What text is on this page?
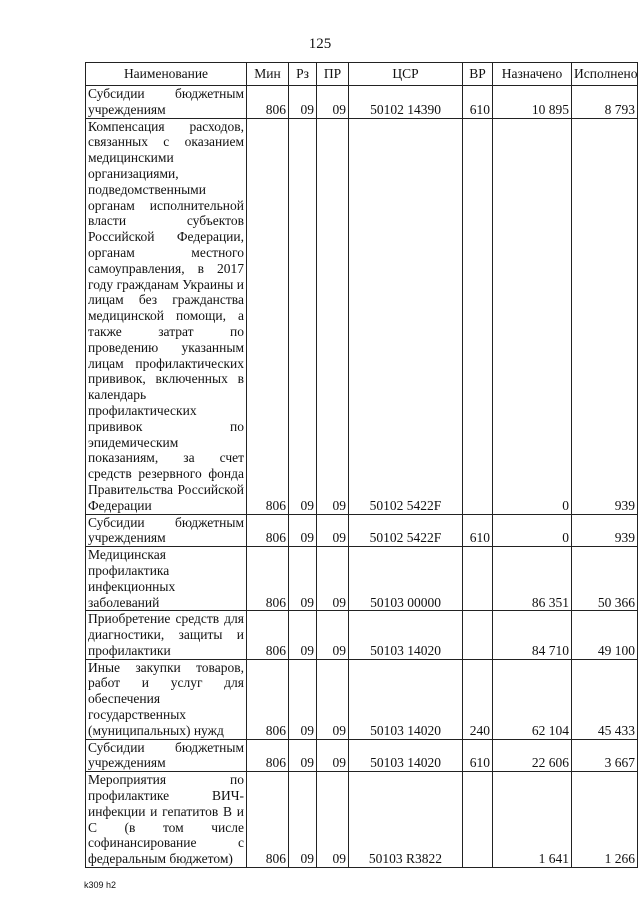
125
Наименование	Мин	Рз	ПР	ЦСР	ВР	Назначено	Исполнено
Субсидии бюджетным учреждениям	806	09	09	50102 14390	610	10 895	8 793
Компенсация расходов, связанных с оказанием медицинскими организациями, подведомственными органам исполнительной власти субъектов Российской Федерации, органам местного самоуправления, в 2017 году гражданам Украины и лицам без гражданства медицинской помощи, а также затрат по проведению указанным лицам профилактических прививок, включенных в календарь профилактических прививок по эпидемическим показаниям, за счет средств резервного фонда Правительства Российской Федерации	806	09	09	50102 5422F		0	939
Субсидии бюджетным учреждениям	806	09	09	50102 5422F	610	0	939
Медицинская профилактика инфекционных заболеваний	806	09	09	50103 00000		86 351	50 366
Приобретение средств для диагностики, защиты и профилактики	806	09	09	50103 14020		84 710	49 100
Иные закупки товаров, работ и услуг для обеспечения государственных (муниципальных) нужд	806	09	09	50103 14020	240	62 104	45 433
Субсидии бюджетным учреждениям	806	09	09	50103 14020	610	22 606	3 667
Мероприятия по профилактике ВИЧ-инфекции и гепатитов В и С (в том числе софинансирование с федеральным бюджетом)	806	09	09	50103 R3822		1 641	1 266
k309 h2
